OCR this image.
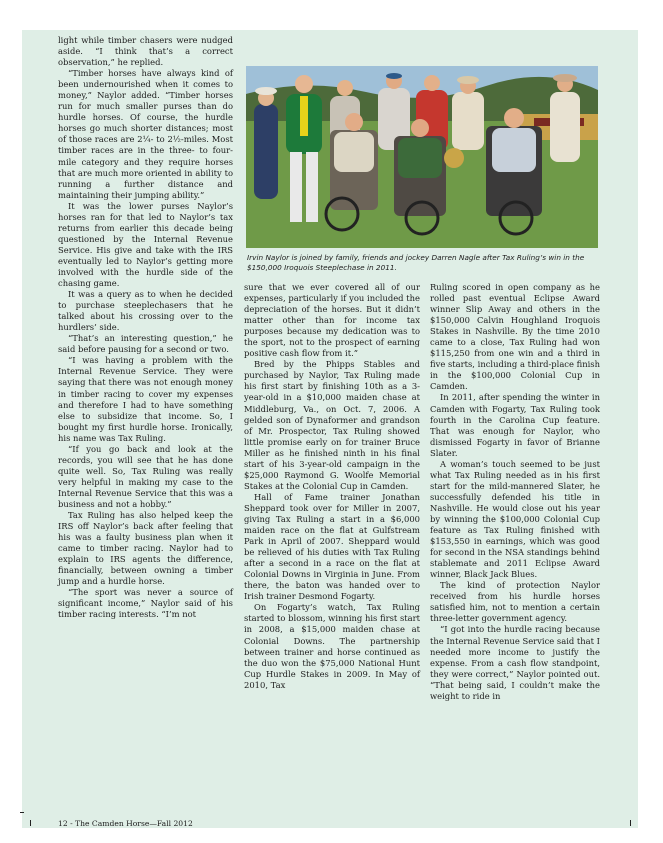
light while timber chasers were nudged aside. “I think that’s a correct observation,” he replied.

“Timber horses have always kind of been undernourished when it comes to money,” Naylor added. “Timber horses run for much smaller purses than do hurdle horses. Of course, the hurdle horses go much shorter distances; most of those races are 2¼- to 2½-miles. Most timber races are in the three- to four-mile category and they require horses that are much more oriented in ability to running a further distance and maintaining their jumping ability.”

It was the lower purses Naylor’s horses ran for that led to Naylor’s tax returns from earlier this decade being questioned by the Internal Revenue Service. His give and take with the IRS eventually led to Naylor’s getting more involved with the hurdle side of the chasing game.

It was a query as to when he decided to purchase steeplechasers that he talked about his crossing over to the hurdlers’ side.

“That’s an interesting question,” he said before pausing for a second or two.

“I was having a problem with the Internal Revenue Service. They were saying that there was not enough money in timber racing to cover my expenses and therefore I had to have something else to subsidize that income. So, I bought my first hurdle horse. Ironically, his name was Tax Ruling.

“If you go back and look at the records, you will see that he has done quite well. So, Tax Ruling was really very helpful in making my case to the Internal Revenue Service that this was a business and not a hobby.”

Tax Ruling has also helped keep the IRS off Naylor’s back after feeling that his was a faulty business plan when it came to timber racing. Naylor had to explain to IRS agents the difference, financially, between owning a timber jump and a hurdle horse.

“The sport was never a source of significant income,” Naylor said of his timber racing interests. “I’m not

Irvin Naylor is joined by family, friends and jockey Darren Nagle after Tax Ruling’s win in the $150,000 Iroquois Steeplechase in 2011.

sure that we ever covered all of our expenses, particularly if you included the depreciation of the horses. But it didn’t matter other than for income tax purposes because my dedication was to the sport, not to the prospect of earning positive cash flow from it.”

Bred by the Phipps Stables and purchased by Naylor, Tax Ruling made his first start by finishing 10th as a 3-year-old in a $10,000 maiden chase at Middleburg, Va., on Oct. 7, 2006. A gelded son of Dynaformer and grandson of Mr. Prospector, Tax Ruling showed little promise early on for trainer Bruce Miller as he finished ninth in his final start of his 3-year-old campaign in the $25,000 Raymond G. Woolfe Memorial Stakes at the Colonial Cup in Camden.

Hall of Fame trainer Jonathan Sheppard took over for Miller in 2007, giving Tax Ruling a start in a $6,000 maiden race on the flat at Gulfstream Park in April of 2007. Sheppard would be relieved of his duties with Tax Ruling after a second in a race on the flat at Colonial Downs in Virginia in June. From there, the baton was handed over to Irish trainer Desmond Fogarty.

On Fogarty’s watch, Tax Ruling started to blossom, winning his first start in 2008, a $15,000 maiden chase at Colonial Downs. The partnership between trainer and horse continued as the duo won the $75,000 National Hunt Cup Hurdle Stakes in 2009. In May of 2010, Tax

Ruling scored in open company as he rolled past eventual Eclipse Award winner Slip Away and others in the $150,000 Calvin Houghland Iroquois Stakes in Nashville. By the time 2010 came to a close, Tax Ruling had won $115,250 from one win and a third in five starts, including a third-place finish in the $100,000 Colonial Cup in Camden.

In 2011, after spending the winter in Camden with Fogarty, Tax Ruling took fourth in the Carolina Cup feature. That was enough for Naylor, who dismissed Fogarty in favor of Brianne Slater.

A woman’s touch seemed to be just what Tax Ruling needed as in his first start for the mild-mannered Slater, he successfully defended his title in Nashville. He would close out his year by winning the $100,000 Colonial Cup feature as Tax Ruling finished with $153,550 in earnings, which was good for second in the NSA standings behind stablemate and 2011 Eclipse Award winner, Black Jack Blues.

The kind of protection Naylor received from his hurdle horses satisfied him, not to mention a certain three-letter government agency.

“I got into the hurdle racing because the Internal Revenue Service said that I needed more income to justify the expense. From a cash flow standpoint, they were correct,” Naylor pointed out. “That being said, I couldn’t make the weight to ride in

12 - The Camden Horse—Fall 2012
